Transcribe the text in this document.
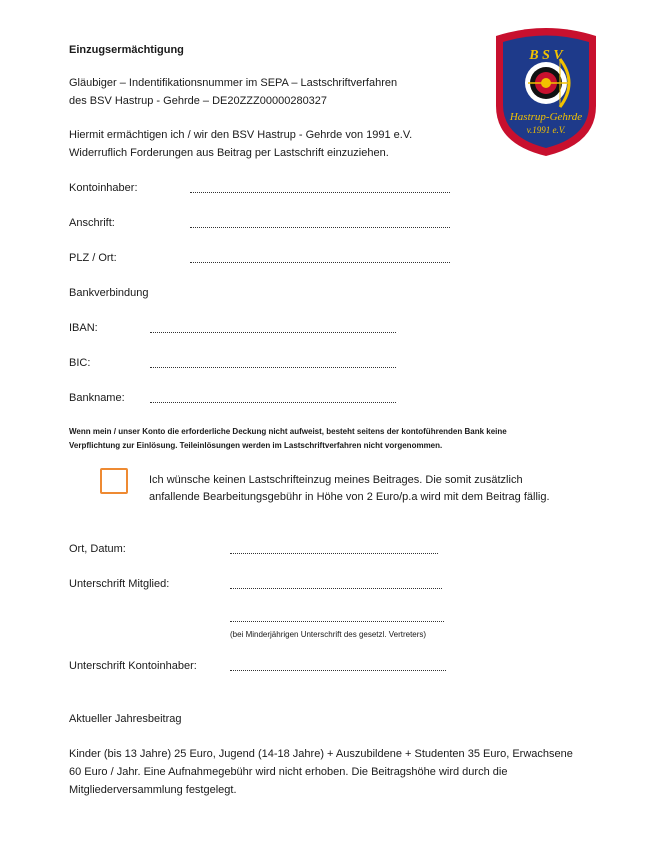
Einzugsermächtigung
Gläubiger – Indentifikationsnummer im SEPA – Lastschriftverfahren
des BSV Hastrup - Gehrde – DE20ZZZ00000280327
Hiermit ermächtigen ich / wir den BSV Hastrup - Gehrde von 1991 e.V.
Widerruflich Forderungen aus Beitrag per Lastschrift einzuziehen.
B S V
Hastrup-Gehrde
v.1991 e.V.
Kontoinhaber:
Anschrift:
PLZ / Ort:
Bankverbindung
IBAN:
BIC:
Bankname:
Wenn mein / unser Konto die erforderliche Deckung nicht aufweist, besteht seitens der kontoführenden Bank keine
Verpflichtung zur Einlösung. Teileinlösungen werden im Lastschriftverfahren nicht vorgenommen.
Ich wünsche keinen Lastschrifteinzug meines Beitrages. Die somit zusätzlich
anfallende Bearbeitungsgebühr in Höhe von 2 Euro/p.a wird mit dem Beitrag fällig.
Ort, Datum:
Unterschrift Mitglied:
(bei Minderjährigen Unterschrift des gesetzl. Vertreters)
Unterschrift Kontoinhaber:
Aktueller Jahresbeitrag
Kinder (bis 13 Jahre) 25 Euro, Jugend (14-18 Jahre) + Auszubildene + Studenten 35 Euro, Erwachsene
60 Euro / Jahr. Eine Aufnahmegebühr wird nicht erhoben. Die Beitragshöhe wird durch die
Mitgliederversammlung festgelegt.
